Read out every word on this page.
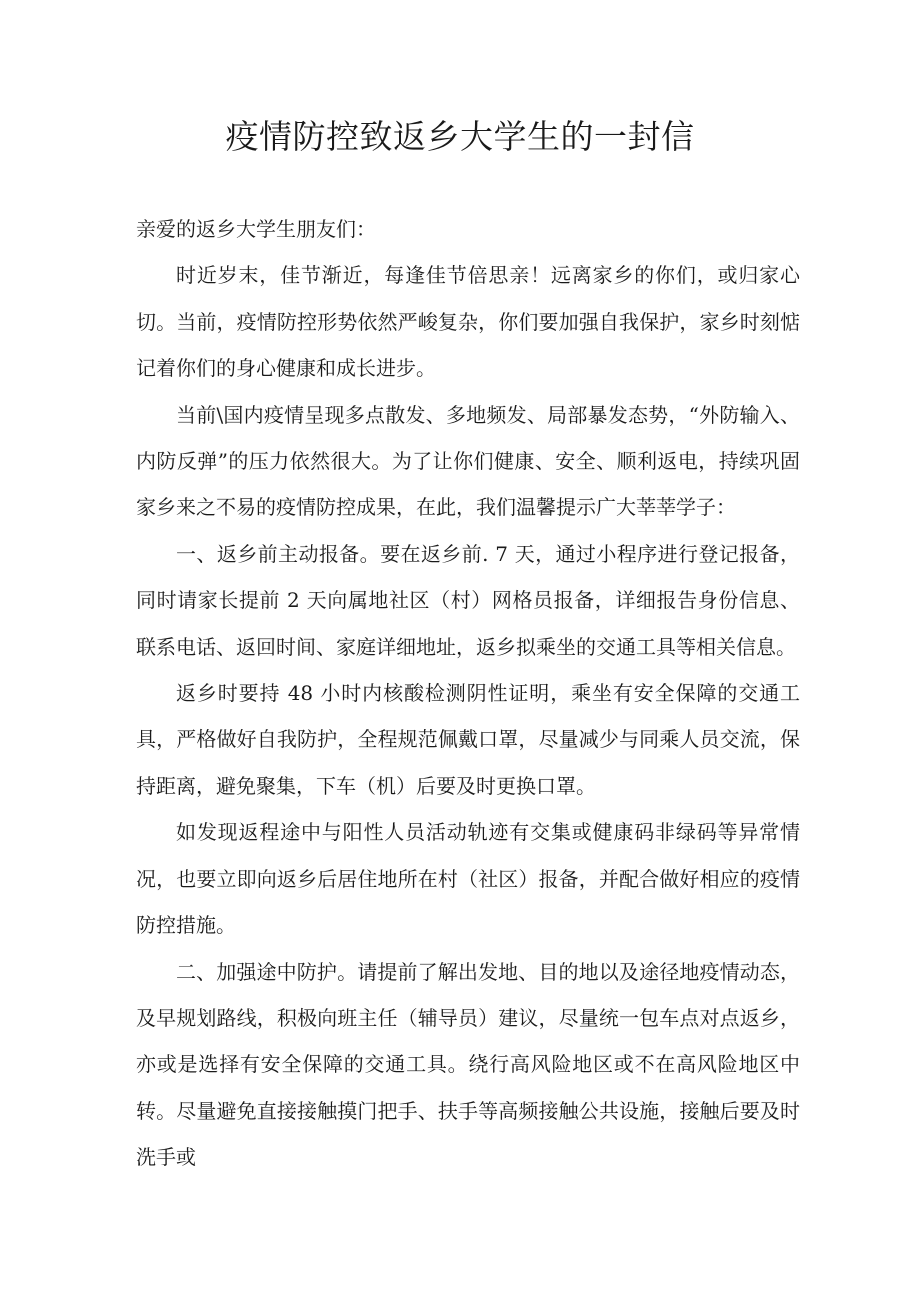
疫情防控致返乡大学生的一封信

亲爱的返乡大学生朋友们：

时近岁末，佳节渐近，每逢佳节倍思亲！远离家乡的你们，或归家心切。当前，疫情防控形势依然严峻复杂，你们要加强自我保护，家乡时刻惦记着你们的身心健康和成长进步。

当前\国内疫情呈现多点散发、多地频发、局部暴发态势，“外防输入、内防反弹”的压力依然很大。为了让你们健康、安全、顺利返电，持续巩固家乡来之不易的疫情防控成果，在此，我们温馨提示广大莘莘学子：

一、返乡前主动报备。要在返乡前. 7 天，通过小程序进行登记报备，同时请家长提前 2 天向属地社区（村）网格员报备，详细报告身份信息、联系电话、返回时间、家庭详细地址，返乡拟乘坐的交通工具等相关信息。

返乡时要持 48 小时内核酸检测阴性证明，乘坐有安全保障的交通工具，严格做好自我防护，全程规范佩戴口罩，尽量减少与同乘人员交流，保持距离，避免聚集，下车（机）后要及时更换口罩。

如发现返程途中与阳性人员活动轨迹有交集或健康码非绿码等异常情况，也要立即向返乡后居住地所在村（社区）报备，并配合做好相应的疫情防控措施。

二、加强途中防护。请提前了解出发地、目的地以及途径地疫情动态，及早规划路线，积极向班主任（辅导员）建议，尽量统一包车点对点返乡，亦或是选择有安全保障的交通工具。绕行高风险地区或不在高风险地区中转。尽量避免直接接触摸门把手、扶手等高频接触公共设施，接触后要及时洗手或
